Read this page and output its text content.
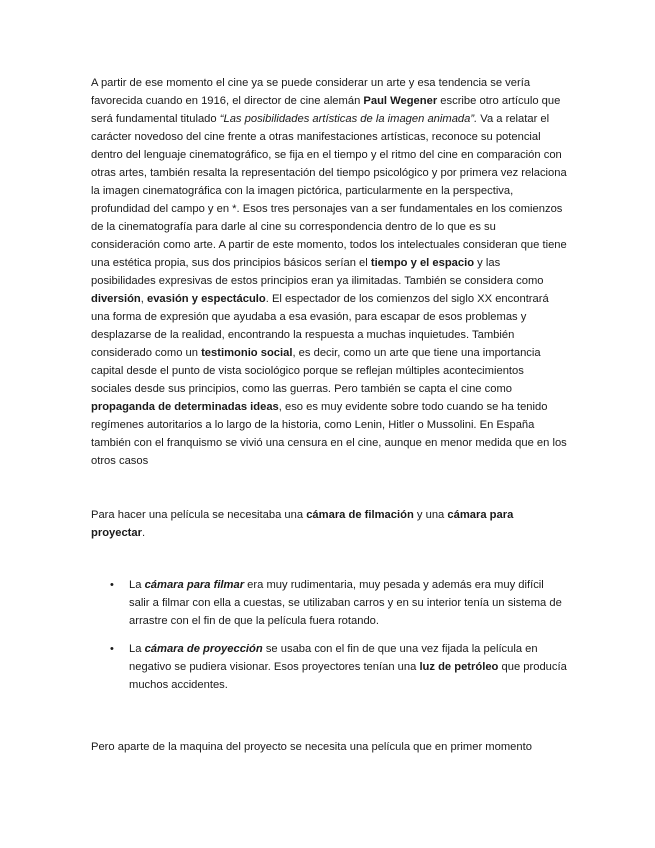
A partir de ese momento el cine ya se puede considerar un arte y esa tendencia se vería favorecida cuando en 1916, el director de cine alemán Paul Wegener escribe otro artículo que será fundamental titulado “Las posibilidades artísticas de la imagen animada”. Va a relatar el carácter novedoso del cine frente a otras manifestaciones artísticas, reconoce su potencial dentro del lenguaje cinematográfico, se fija en el tiempo y el ritmo del cine en comparación con otras artes, también resalta la representación del tiempo psicológico y por primera vez relaciona la imagen cinematográfica con la imagen pictórica, particularmente en la perspectiva, profundidad del campo y en *. Esos tres personajes van a ser fundamentales en los comienzos de la cinematografía para darle al cine su correspondencia dentro de lo que es su consideración como arte. A partir de este momento, todos los intelectuales consideran que tiene una estética propia, sus dos principios básicos serían el tiempo y el espacio y las posibilidades expresivas de estos principios eran ya ilimitadas. También se considera como diversión, evasión y espectáculo. El espectador de los comienzos del siglo XX encontrará una forma de expresión que ayudaba a esa evasión, para escapar de esos problemas y desplazarse de la realidad, encontrando la respuesta a muchas inquietudes. También considerado como un testimonio social, es decir, como un arte que tiene una importancia capital desde el punto de vista sociológico porque se reflejan múltiples acontecimientos sociales desde sus principios, como las guerras. Pero también se capta el cine como propaganda de determinadas ideas, eso es muy evidente sobre todo cuando se ha tenido regímenes autoritarios a lo largo de la historia, como Lenin, Hitler o Mussolini. En España también con el franquismo se vivió una censura en el cine, aunque en menor medida que en los otros casos

Para hacer una película se necesitaba una cámara de filmación y una cámara para proyectar.

• La cámara para filmar era muy rudimentaria, muy pesada y además era muy difícil salir a filmar con ella a cuestas, se utilizaban carros y en su interior tenía un sistema de arrastre con el fin de que la película fuera rotando.
• La cámara de proyección se usaba con el fin de que una vez fijada la película en negativo se pudiera visionar. Esos proyectores tenían una luz de petróleo que producía muchos accidentes.

Pero aparte de la maquina del proyecto se necesita una película que en primer momento
